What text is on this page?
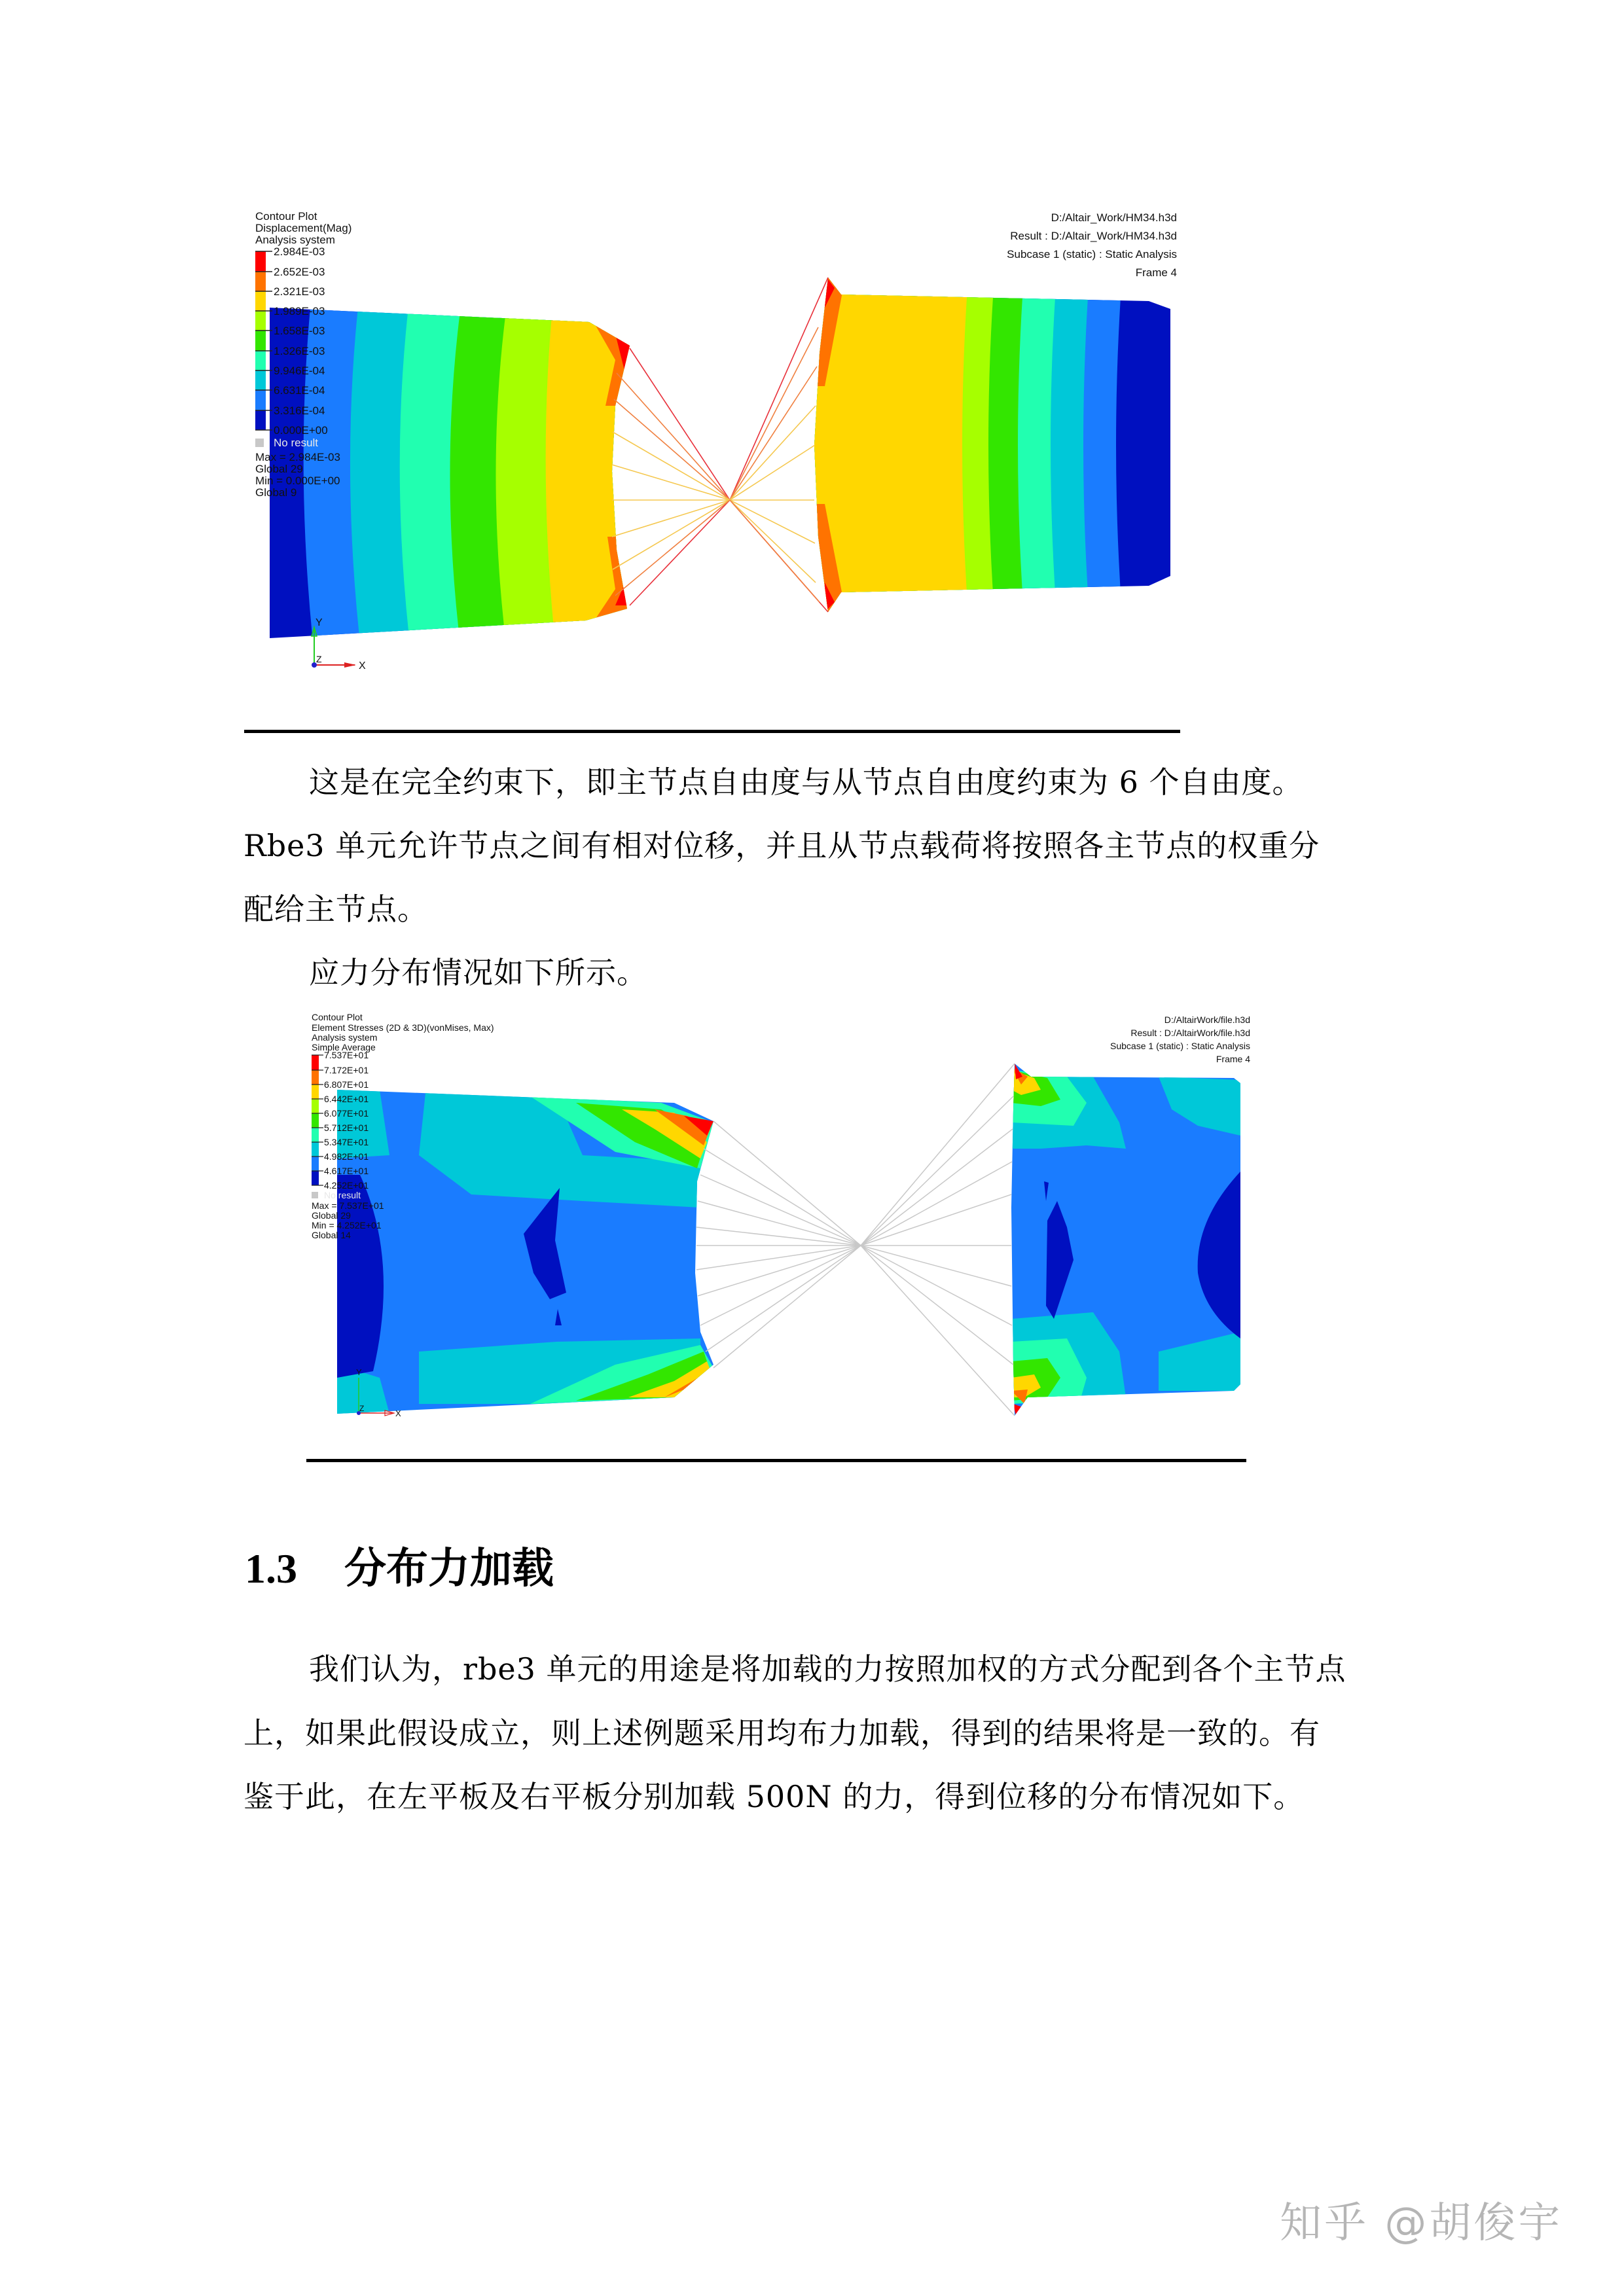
Contour Plot
Displacement(Mag)
Analysis system
2.984E-03
2.652E-03
2.321E-03
1.989E-03
1.658E-03
1.326E-03
9.946E-04
6.631E-04
3.316E-04
0.000E+00
No result
Max = 2.984E-03
Global 29
Min = 0.000E+00
Global 9
D:/Altair_Work/HM34.h3d
Result : D:/Altair_Work/HM34.h3d
Subcase 1 (static) : Static Analysis
Frame 4
Y
X
Z
这是在完全约束下，即主节点自由度与从节点自由度约束为 6 个自由度。
Rbe3 单元允许节点之间有相对位移，并且从节点载荷将按照各主节点的权重分
配给主节点。
应力分布情况如下所示。
Contour Plot
Element Stresses (2D & 3D)(vonMises, Max)
Analysis system
Simple Average
7.537E+01
7.172E+01
6.807E+01
6.442E+01
6.077E+01
5.712E+01
5.347E+01
4.982E+01
4.617E+01
4.252E+01
No result
Max = 7.537E+01
Global 29
Min = 4.252E+01
Global 14
D:/AltairWork/file.h3d
Result : D:/AltairWork/file.h3d
Subcase 1 (static) : Static Analysis
Frame 4
Y
X
Z
1.3 分布力加载
我们认为，rbe3 单元的用途是将加载的力按照加权的方式分配到各个主节点
上，如果此假设成立，则上述例题采用均布力加载，得到的结果将是一致的。有
鉴于此，在左平板及右平板分别加载 500N 的力，得到位移的分布情况如下。
知乎 @胡俊宇
